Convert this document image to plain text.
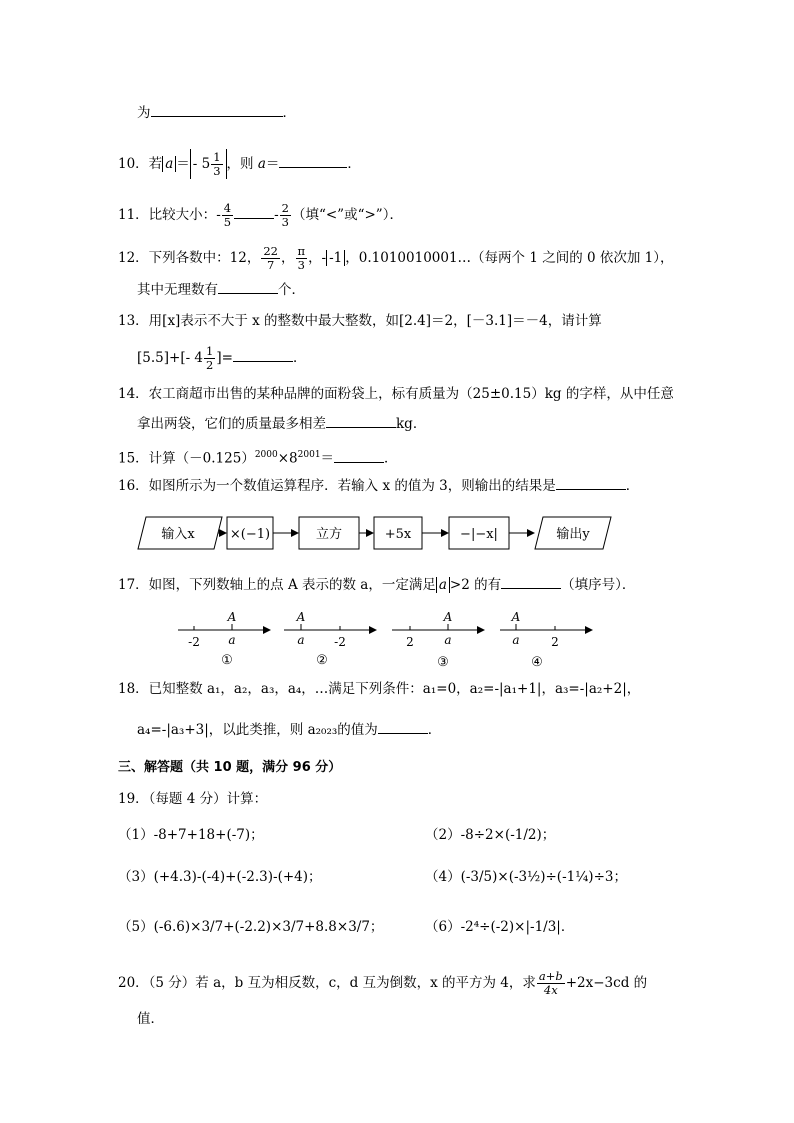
为	．
10．若 a ＝ - $5 \frac{1}{3}$ ，则 a＝	．
11．比较大小：- $\frac{4}{5}$	- $\frac{2}{3}$ （填“<”或“>”）．
12．下列各数中：12， $\frac{22}{7}$ ， $\frac{\pi}{3}$ ，- -1 ，0.1010010001…（每两个 1 之间的 0 依次加 1），
其中无理数有	个．
13．用[x]表示不大于 x 的整数中最大整数，如[2.4]＝2，[－3.1]＝－4，请计算
[5.5]+[- $4 \frac{1}{2}$ ]=	．
14．农工商超市出售的某种品牌的面粉袋上，标有质量为（25±0.15）kg 的字样，从中任意
拿出两袋，它们的质量最多相差	kg．
15．计算$(-0.125)^{2000}\times 8^{2001}=$	．
16．如图所示为一个数值运算程序．若输入 x 的值为 3，则输出的结果是	．
输入x	×(−1)	立方	+5x	−|−x|	输出y
17．如图，下列数轴上的点 A 表示的数 a，一定满足 a >2 的有	（填序号）．
A
-2 a
①
A
a -2
②
A
2	a
③
A
a	2
④
18．已知整数 a₁，a₂，a₃，a₄，…满足下列条件：a₁=0，a₂=-|a₁+1|，a₃=-|a₂+2|，
a₄=-|a₃+3|，以此类推，则 a₂₀₂₃的值为	．
三、解答题（共 10 题，满分 96 分）
19．（每题 4 分）计算：
（1）-8+7+18+(-7)；	（2）-8÷2×(-1/2)；
（3）(+4.3)-(-4)+(-2.3)-(+4)；	（4）(-3/5)×(-3½)÷(-1¼)÷3；
（5）(-6.6)×3/7+(-2.2)×3/7+8.8×3/7；	（6）-2⁴÷(-2)×|-1/3|．
20．（5 分）若 a，b 互为相反数，c，d 互为倒数，x 的平方为 4，求 $\frac{a+b}{4x} +2x-3cd$ 的
值．
